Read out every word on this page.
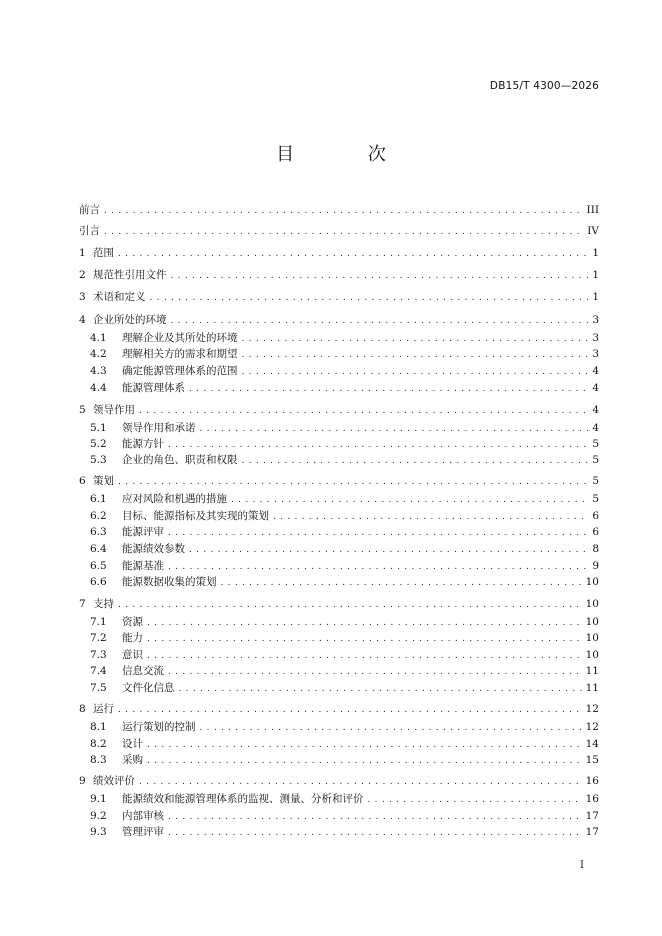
DB15/T 4300—2026
目 次
前言 .....	III
引言 .....	IV
1 范围 .....	1
2 规范性引用文件 .....	1
3 术语和定义 .....	1
4 企业所处的环境 .....	3
4.1	理解企业及其所处的环境 .....	3
4.2	理解相关方的需求和期望 .....	3
4.3	确定能源管理体系的范围 .....	4
4.4	能源管理体系 .....	4
5 领导作用 .....	4
5.1	领导作用和承诺 .....	4
5.2	能源方针 .....	5
5.3	企业的角色、职责和权限 .....	5
6 策划 .....	5
6.1	应对风险和机遇的措施 .....	5
6.2	目标、能源指标及其实现的策划 .....	6
6.3	能源评审 .....	6
6.4	能源绩效参数 .....	8
6.5	能源基准 .....	9
6.6	能源数据收集的策划 .....	10
7 支持 .....	10
7.1	资源 .....	10
7.2	能力 .....	10
7.3	意识 .....	10
7.4	信息交流 .....	11
7.5	文件化信息 .....	11
8 运行 .....	12
8.1	运行策划的控制 .....	12
8.2	设计 .....	14
8.3	采购 .....	15
9 绩效评价 .....	16
9.1	能源绩效和能源管理体系的监视、测量、分析和评价 .....	16
9.2	内部审核 .....	17
9.3	管理评审 .....	17
I
